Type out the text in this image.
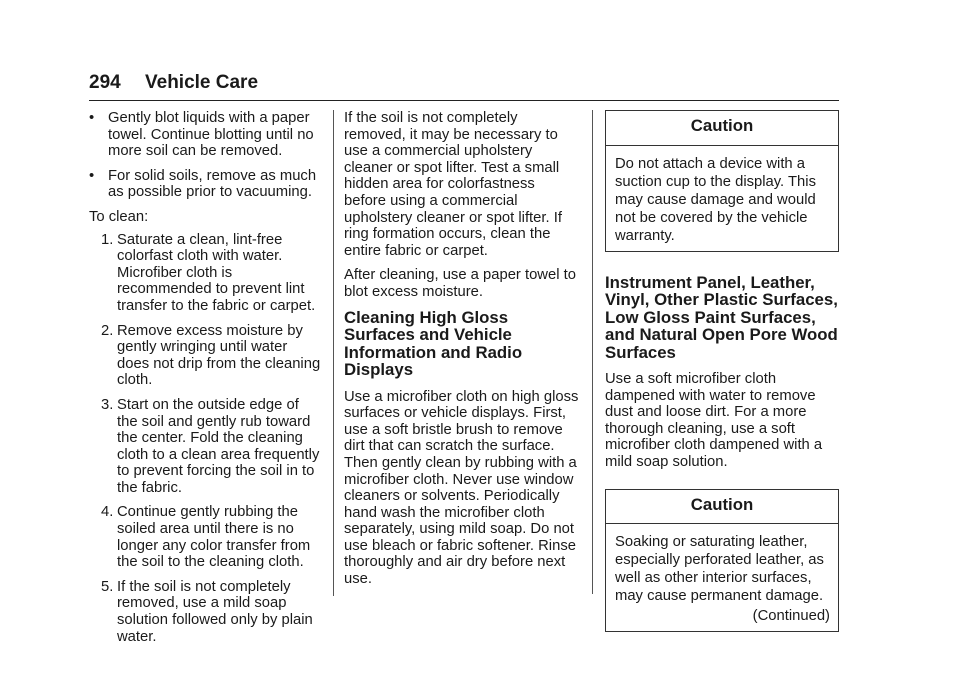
294 Vehicle Care
• Gently blot liquids with a paper towel. Continue blotting until no more soil can be removed.
• For solid soils, remove as much as possible prior to vacuuming.

To clean:

1. Saturate a clean, lint-free colorfast cloth with water. Microfiber cloth is recommended to prevent lint transfer to the fabric or carpet.
2. Remove excess moisture by gently wringing until water does not drip from the cleaning cloth.
3. Start on the outside edge of the soil and gently rub toward the center. Fold the cleaning cloth to a clean area frequently to prevent forcing the soil in to the fabric.
4. Continue gently rubbing the soiled area until there is no longer any color transfer from the soil to the cleaning cloth.
5. If the soil is not completely removed, use a mild soap solution followed only by plain water.

If the soil is not completely removed, it may be necessary to use a commercial upholstery cleaner or spot lifter. Test a small hidden area for colorfastness before using a commercial upholstery cleaner or spot lifter. If ring formation occurs, clean the entire fabric or carpet.

After cleaning, use a paper towel to blot excess moisture.

Cleaning High Gloss Surfaces and Vehicle Information and Radio Displays

Use a microfiber cloth on high gloss surfaces or vehicle displays. First, use a soft bristle brush to remove dirt that can scratch the surface. Then gently clean by rubbing with a microfiber cloth. Never use window cleaners or solvents. Periodically hand wash the microfiber cloth separately, using mild soap. Do not use bleach or fabric softener. Rinse thoroughly and air dry before next use.

Caution
Do not attach a device with a suction cup to the display. This may cause damage and would not be covered by the vehicle warranty.
Instrument Panel, Leather, Vinyl, Other Plastic Surfaces, Low Gloss Paint Surfaces, and Natural Open Pore Wood Surfaces

Use a soft microfiber cloth dampened with water to remove dust and loose dirt. For a more thorough cleaning, use a soft microfiber cloth dampened with a mild soap solution.

Caution
Soaking or saturating leather, especially perforated leather, as well as other interior surfaces, may cause permanent damage.
(Continued)
